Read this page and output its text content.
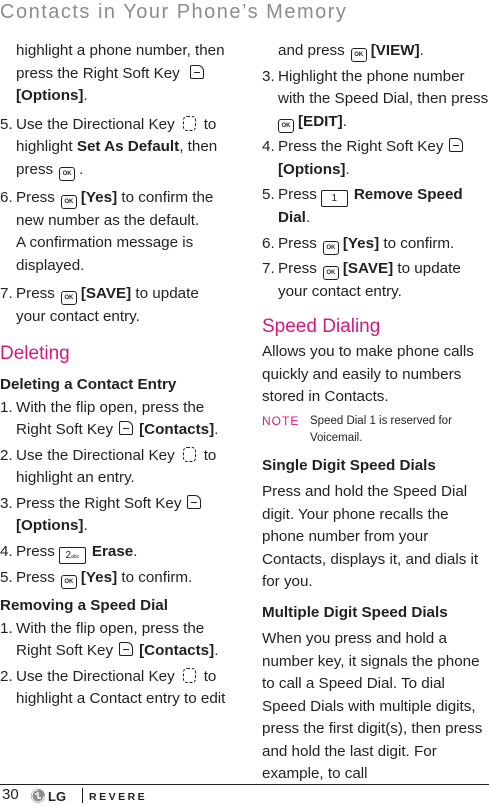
Contacts in Your Phone’s Memory

highlight a phone number, then press the Right Soft Key
[Options].

5. Use the Directional Key to highlight Set As Default, then press OK .
6. Press OK [Yes] to confirm the new number as the default.
A confirmation message is displayed.
7. Press OK [SAVE] to update your contact entry.
Deleting
Deleting a Contact Entry
1. With the flip open, press the Right Soft Key [Contacts].
2. Use the Directional Key to highlight an entry.
3. Press the Right Soft Key
[Options].
4. Press 2abc Erase.
5. Press OK [Yes] to confirm.
Removing a Speed Dial
1. With the flip open, press the Right Soft Key [Contacts].
2. Use the Directional Key to highlight a Contact entry to edit

and press OK [VIEW].

3. Highlight the phone number with the Speed Dial, then press
OK [EDIT].
4. Press the Right Soft Key
[Options].
5. Press 1 Remove Speed Dial.
6. Press OK [Yes] to confirm.
7. Press OK [SAVE] to update your contact entry.
Speed Dialing

Allows you to make phone calls quickly and easily to numbers stored in Contacts.

NOTE Speed Dial 1 is reserved for Voicemail.
Single Digit Speed Dials

Press and hold the Speed Dial digit. Your phone recalls the phone number from your Contacts, displays it, and dials it for you.

Multiple Digit Speed Dials

When you press and hold a number key, it signals the phone to call a Speed Dial. To dial Speed Dials with multiple digits, press the first digit(s), then press and hold the last digit. For example, to call

30 LG REVERE
